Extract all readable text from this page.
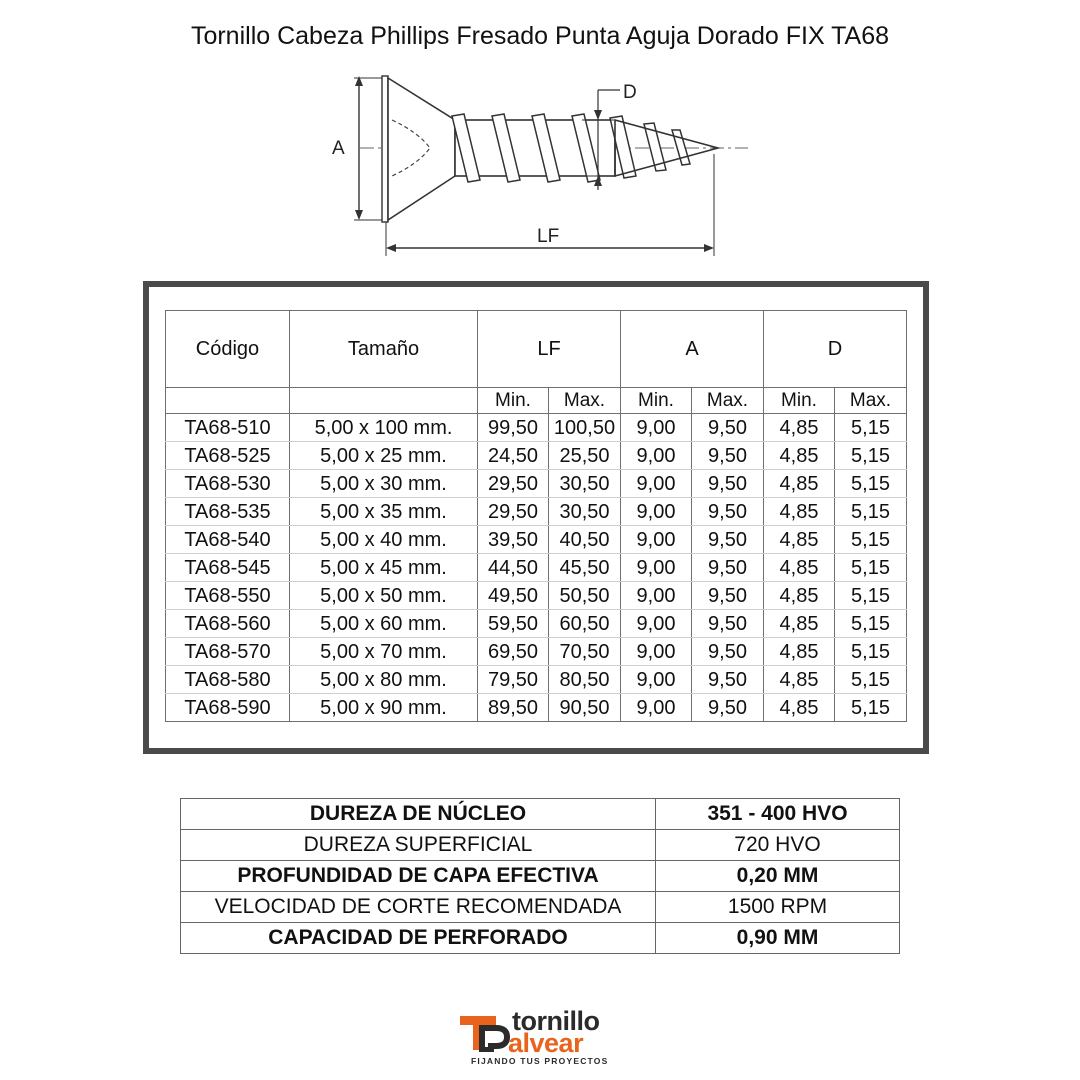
Tornillo Cabeza Phillips Fresado Punta Aguja Dorado FIX TA68
A
D
LF
Código	Tamaño	LF		A		D	
		Min.	Max.	Min.	Max.	Min.	Max.
TA68-510	5,00 x 100 mm.	99,50	100,50	9,00	9,50	4,85	5,15
TA68-525	5,00 x 25 mm.	24,50	25,50	9,00	9,50	4,85	5,15
TA68-530	5,00 x 30 mm.	29,50	30,50	9,00	9,50	4,85	5,15
TA68-535	5,00 x 35 mm.	29,50	30,50	9,00	9,50	4,85	5,15
TA68-540	5,00 x 40 mm.	39,50	40,50	9,00	9,50	4,85	5,15
TA68-545	5,00 x 45 mm.	44,50	45,50	9,00	9,50	4,85	5,15
TA68-550	5,00 x 50 mm.	49,50	50,50	9,00	9,50	4,85	5,15
TA68-560	5,00 x 60 mm.	59,50	60,50	9,00	9,50	4,85	5,15
TA68-570	5,00 x 70 mm.	69,50	70,50	9,00	9,50	4,85	5,15
TA68-580	5,00 x 80 mm.	79,50	80,50	9,00	9,50	4,85	5,15
TA68-590	5,00 x 90 mm.	89,50	90,50	9,00	9,50	4,85	5,15
DUREZA DE NÚCLEO	351 - 400 HVO
DUREZA SUPERFICIAL	720 HVO
PROFUNDIDAD DE CAPA EFECTIVA	0,20 MM
VELOCIDAD DE CORTE RECOMENDADA	1500 RPM
CAPACIDAD DE PERFORADO	0,90 MM
tornillo
alvear
FIJANDO TUS PROYECTOS
